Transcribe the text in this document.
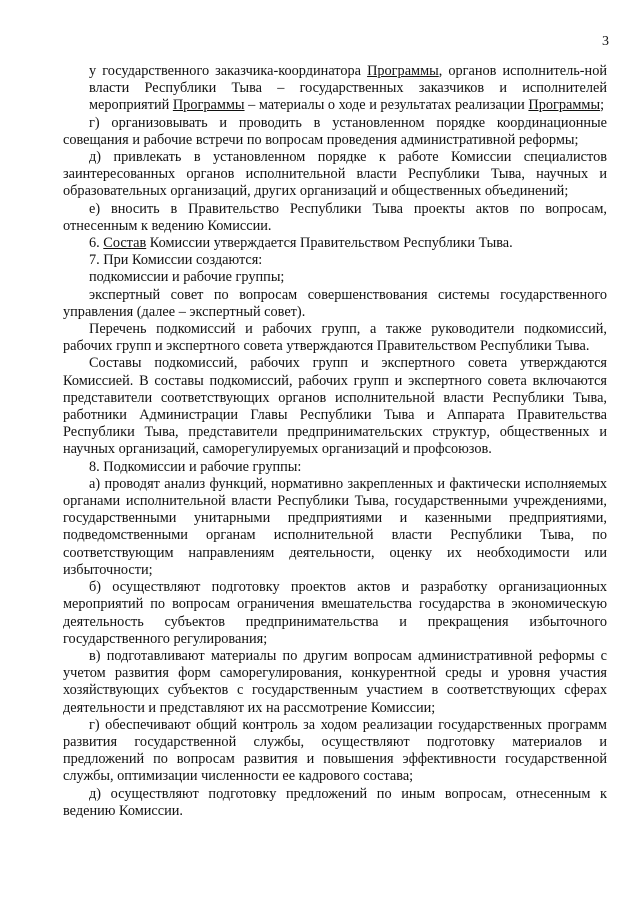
3

у государственного заказчика-координатора Программы, органов исполнитель-ной власти Республики Тыва – государственных заказчиков и исполнителей мероприятий Программы – материалы о ходе и результатах реализации Программы;

г) организовывать и проводить в установленном порядке координационные совещания и рабочие встречи по вопросам проведения административной реформы;

д) привлекать в установленном порядке к работе Комиссии специалистов заинтересованных органов исполнительной власти Республики Тыва, научных и образовательных организаций, других организаций и общественных объединений;

е) вносить в Правительство Республики Тыва проекты актов по вопросам, отнесенным к ведению Комиссии.

6. Состав Комиссии утверждается Правительством Республики Тыва.

7. При Комиссии создаются:

подкомиссии и рабочие группы;

экспертный совет по вопросам совершенствования системы государственного управления (далее – экспертный совет).

Перечень подкомиссий и рабочих групп, а также руководители подкомиссий, рабочих групп и экспертного совета утверждаются Правительством Республики Тыва.

Составы подкомиссий, рабочих групп и экспертного совета утверждаются Комиссией. В составы подкомиссий, рабочих групп и экспертного совета включаются представители соответствующих органов исполнительной власти Республики Тыва, работники Администрации Главы Республики Тыва и Аппарата Правительства Республики Тыва, представители предпринимательских структур, общественных и научных организаций, саморегулируемых организаций и профсоюзов.

8. Подкомиссии и рабочие группы:

а) проводят анализ функций, нормативно закрепленных и фактически исполняемых органами исполнительной власти Республики Тыва, государственными учреждениями, государственными унитарными предприятиями и казенными предприятиями, подведомственными органам исполнительной власти Республики Тыва, по соответствующим направлениям деятельности, оценку их необходимости или избыточности;

б) осуществляют подготовку проектов актов и разработку организационных мероприятий по вопросам ограничения вмешательства государства в экономическую деятельность субъектов предпринимательства и прекращения избыточного государственного регулирования;

в) подготавливают материалы по другим вопросам административной реформы с учетом развития форм саморегулирования, конкурентной среды и уровня участия хозяйствующих субъектов с государственным участием в соответствующих сферах деятельности и представляют их на рассмотрение Комиссии;

г) обеспечивают общий контроль за ходом реализации государственных программ развития государственной службы, осуществляют подготовку материалов и предложений по вопросам развития и повышения эффективности государственной службы, оптимизации численности ее кадрового состава;

д) осуществляют подготовку предложений по иным вопросам, отнесенным к ведению Комиссии.
